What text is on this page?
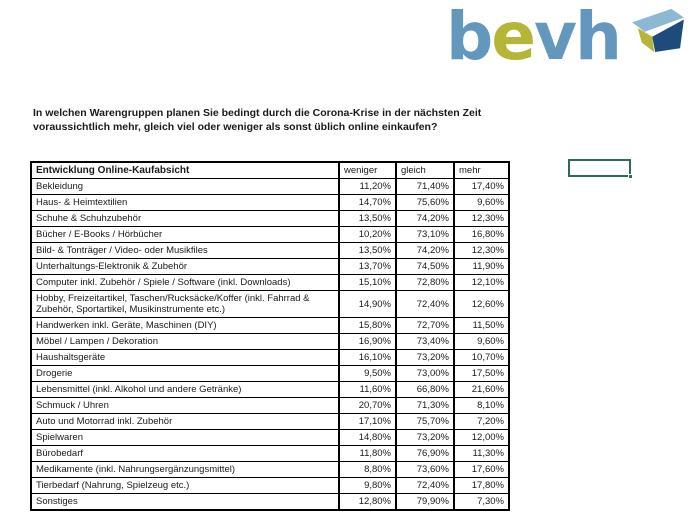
bevh
In welchen Warengruppen planen Sie bedingt durch die Corona-Krise in der nächsten Zeit
voraussichtlich mehr, gleich viel oder weniger als sonst üblich online einkaufen?
Entwicklung Online-Kaufabsicht	weniger	gleich	mehr
Bekleidung	11,20%	71,40%	17,40%
Haus- & Heimtextilien	14,70%	75,60%	9,60%
Schuhe & Schuhzubehör	13,50%	74,20%	12,30%
Bücher / E-Books / Hörbücher	10,20%	73,10%	16,80%
Bild- & Tonträger / Video- oder Musikfiles	13,50%	74,20%	12,30%
Unterhaltungs-Elektronik & Zubehör	13,70%	74,50%	11,90%
Computer inkl. Zubehör / Spiele / Software (inkl. Downloads)	15,10%	72,80%	12,10%
Hobby, Freizeitartikel, Taschen/Rucksäcke/Koffer (inkl. Fahrrad & Zubehör, Sportartikel, Musikinstrumente etc.)	14,90%	72,40%	12,60%
Handwerken inkl. Geräte, Maschinen (DIY)	15,80%	72,70%	11,50%
Möbel / Lampen / Dekoration	16,90%	73,40%	9,60%
Haushaltsgeräte	16,10%	73,20%	10,70%
Drogerie	9,50%	73,00%	17,50%
Lebensmittel (inkl. Alkohol und andere Getränke)	11,60%	66,80%	21,60%
Schmuck / Uhren	20,70%	71,30%	8,10%
Auto und Motorrad inkl. Zubehör	17,10%	75,70%	7,20%
Spielwaren	14,80%	73,20%	12,00%
Bürobedarf	11,80%	76,90%	11,30%
Medikamente (inkl. Nahrungsergänzungsmittel)	8,80%	73,60%	17,60%
Tierbedarf (Nahrung, Spielzeug etc.)	9,80%	72,40%	17,80%
Sonstiges	12,80%	79,90%	7,30%
